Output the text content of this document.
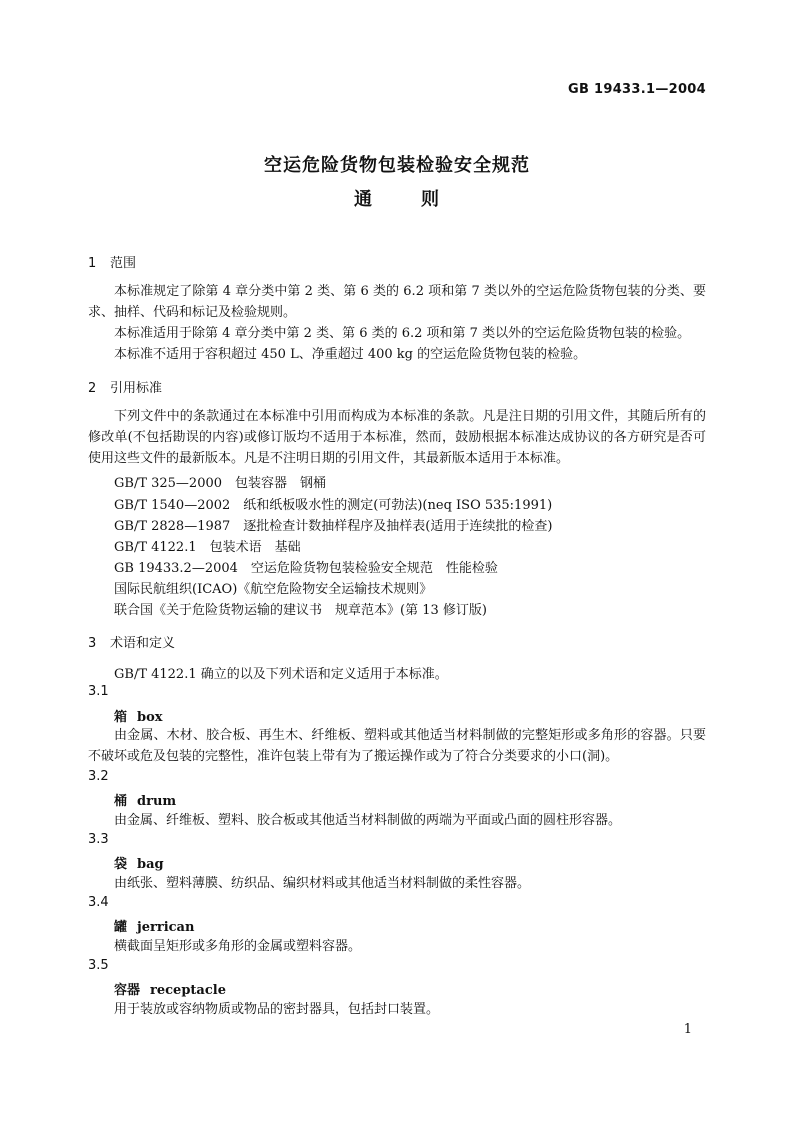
GB 19433.1—2004
空运危险货物包装检验安全规范
通	则
1 范围

本标准规定了除第 4 章分类中第 2 类、第 6 类的 6.2 项和第 7 类以外的空运危险货物包装的分类、要求、抽样、代码和标记及检验规则。

本标准适用于除第 4 章分类中第 2 类、第 6 类的 6.2 项和第 7 类以外的空运危险货物包装的检验。

本标准不适用于容积超过 450 L、净重超过 400 kg 的空运危险货物包装的检验。

2 引用标准

下列文件中的条款通过在本标准中引用而构成为本标准的条款。凡是注日期的引用文件，其随后所有的修改单(不包括勘误的内容)或修订版均不适用于本标准，然而，鼓励根据本标准达成协议的各方研究是否可使用这些文件的最新版本。凡是不注明日期的引用文件，其最新版本适用于本标准。

GB/T 325—2000　包装容器　钢桶
GB/T 1540—2002　纸和纸板吸水性的测定(可勃法)(neq ISO 535:1991)
GB/T 2828—1987　逐批检查计数抽样程序及抽样表(适用于连续批的检查)
GB/T 4122.1　包装术语　基础
GB 19433.2—2004　空运危险货物包装检验安全规范　性能检验
国际民航组织(ICAO)《航空危险物安全运输技术规则》
联合国《关于危险货物运输的建议书　规章范本》(第 13 修订版)
3 术语和定义
GB/T 4122.1 确立的以及下列术语和定义适用于本标准。
3.1
箱 box

由金属、木材、胶合板、再生木、纤维板、塑料或其他适当材料制做的完整矩形或多角形的容器。只要不破坏或危及包装的完整性，准许包装上带有为了搬运操作或为了符合分类要求的小口(洞)。

3.2
桶 drum

由金属、纤维板、塑料、胶合板或其他适当材料制做的两端为平面或凸面的圆柱形容器。

3.3
袋 bag

由纸张、塑料薄膜、纺织品、编织材料或其他适当材料制做的柔性容器。

3.4
罐 jerrican

横截面呈矩形或多角形的金属或塑料容器。

3.5
容器 receptacle

用于装放或容纳物质或物品的密封器具，包括封口装置。

1
